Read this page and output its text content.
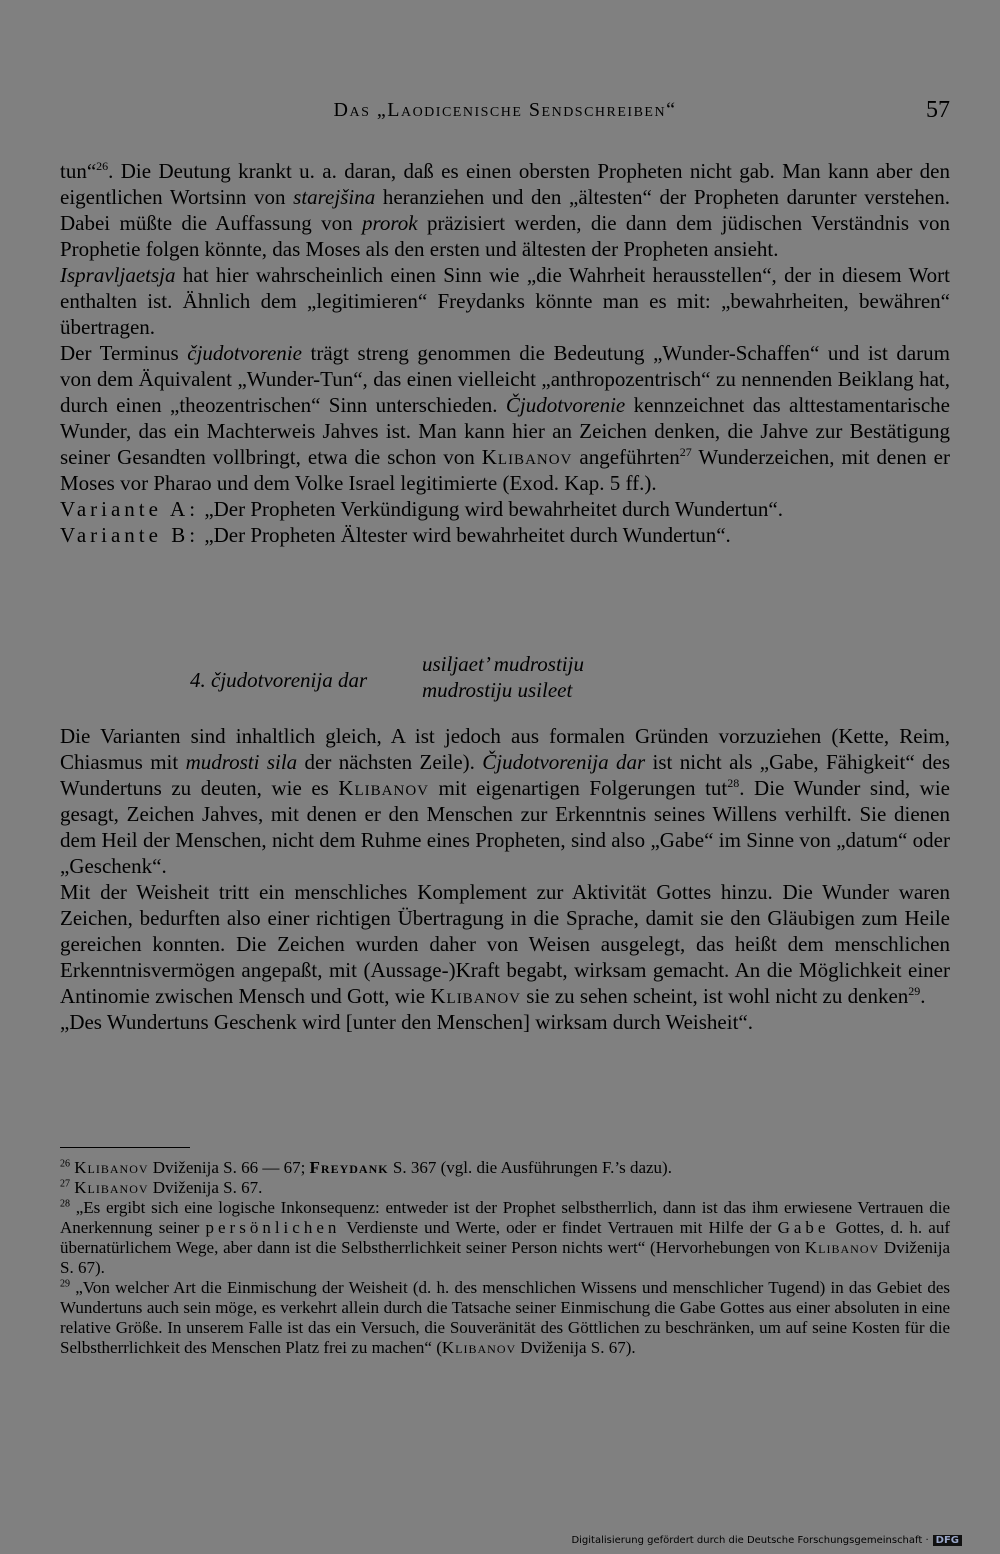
Das „Laodicenische Sendschreiben“	57

tun“$^{26}$. Die Deutung krankt u. a. daran, daß es einen obersten Propheten nicht gab. Man kann aber den eigentlichen Wortsinn von starejšina heranziehen und den „ältesten“ der Propheten darunter verstehen. Dabei müßte die Auffassung von prorok präzisiert werden, die dann dem jüdischen Verständnis von Prophetie folgen könnte, das Moses als den ersten und ältesten der Propheten ansieht.

Ispravljaetsja hat hier wahrscheinlich einen Sinn wie „die Wahrheit herausstellen“, der in diesem Wort enthalten ist. Ähnlich dem „legitimieren“ Freydanks könnte man es mit: „bewahrheiten, bewähren“ übertragen.

Der Terminus čjudotvorenie trägt streng genommen die Bedeutung „Wunder-Schaffen“ und ist darum von dem Äquivalent „Wunder-Tun“, das einen vielleicht „anthropozentrisch“ zu nennenden Beiklang hat, durch einen „theozentrischen“ Sinn unterschieden. Čjudotvorenie kennzeichnet das alttestamentarische Wunder, das ein Machterweis Jahves ist. Man kann hier an Zeichen denken, die Jahve zur Bestätigung seiner Gesandten vollbringt, etwa die schon von Klibanov angeführten$^{27}$ Wunderzeichen, mit denen er Moses vor Pharao und dem Volke Israel legitimierte (Exod. Kap. 5 ff.).

Variante A: „Der Propheten Verkündigung wird bewahrheitet durch Wundertun“.

Variante B: „Der Propheten Ältester wird bewahrheitet durch Wundertun“.

4. čjudotvorenija dar
usiljaet’ mudrostiju
mudrostiju usileet

Die Varianten sind inhaltlich gleich, A ist jedoch aus formalen Gründen vorzuziehen (Kette, Reim, Chiasmus mit mudrosti sila der nächsten Zeile). Čjudotvorenija dar ist nicht als „Gabe, Fähigkeit“ des Wundertuns zu deuten, wie es Klibanov mit eigenartigen Folgerungen tut$^{28}$. Die Wunder sind, wie gesagt, Zeichen Jahves, mit denen er den Menschen zur Erkenntnis seines Willens verhilft. Sie dienen dem Heil der Menschen, nicht dem Ruhme eines Propheten, sind also „Gabe“ im Sinne von „datum“ oder „Geschenk“.

Mit der Weisheit tritt ein menschliches Komplement zur Aktivität Gottes hinzu. Die Wunder waren Zeichen, bedurften also einer richtigen Übertragung in die Sprache, damit sie den Gläubigen zum Heile gereichen konnten. Die Zeichen wurden daher von Weisen ausgelegt, das heißt dem menschlichen Erkenntnisvermögen angepaßt, mit (Aussage-)Kraft begabt, wirksam gemacht. An die Möglichkeit einer Antinomie zwischen Mensch und Gott, wie Klibanov sie zu sehen scheint, ist wohl nicht zu denken$^{29}$.

„Des Wundertuns Geschenk wird [unter den Menschen] wirksam durch Weisheit“.

$^{26}$ Klibanov Dviženija S. 66 — 67; Freydank S. 367 (vgl. die Ausführungen F.’s dazu).

$^{27}$ Klibanov Dviženija S. 67.

$^{28}$ „Es ergibt sich eine logische Inkonsequenz: entweder ist der Prophet selbstherrlich, dann ist das ihm erwiesene Vertrauen die Anerkennung seiner persönlichen Verdienste und Werte, oder er findet Vertrauen mit Hilfe der Gabe Gottes, d. h. auf übernatürlichem Wege, aber dann ist die Selbstherrlichkeit seiner Person nichts wert“ (Hervorhebungen von Klibanov Dviženija S. 67).

$^{29}$ „Von welcher Art die Einmischung der Weisheit (d. h. des menschlichen Wissens und menschlicher Tugend) in das Gebiet des Wundertuns auch sein möge, es verkehrt allein durch die Tatsache seiner Einmischung die Gabe Gottes aus einer absoluten in eine relative Größe. In unserem Falle ist das ein Versuch, die Souveränität des Göttlichen zu beschränken, um auf seine Kosten für die Selbstherrlichkeit des Menschen Platz frei zu machen“ (Klibanov Dviženija S. 67).

Digitalisierung gefördert durch die Deutsche Forschungsgemeinschaft · DFG
